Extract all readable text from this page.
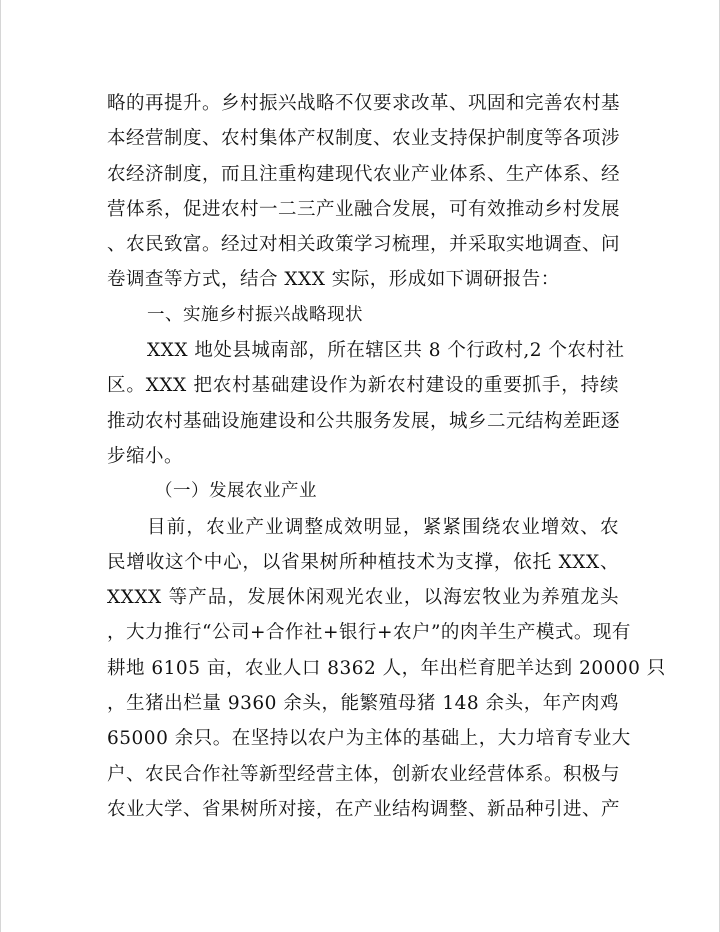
略的再提升。乡村振兴战略不仅要求改革、巩固和完善农村基
本经营制度、农村集体产权制度、农业支持保护制度等各项涉
农经济制度，而且注重构建现代农业产业体系、生产体系、经
营体系，促进农村一二三产业融合发展，可有效推动乡村发展
、农民致富。经过对相关政策学习梳理，并采取实地调查、问
卷调查等方式，结合 XXX 实际，形成如下调研报告：
一、实施乡村振兴战略现状
XXX 地处县城南部，所在辖区共 8 个行政村,2 个农村社
区。XXX 把农村基础建设作为新农村建设的重要抓手，持续
推动农村基础设施建设和公共服务发展，城乡二元结构差距逐
步缩小。
（一）发展农业产业
目前，农业产业调整成效明显，紧紧围绕农业增效、农
民增收这个中心，以省果树所种植技术为支撑，依托 XXX、
XXXX 等产品，发展休闲观光农业，以海宏牧业为养殖龙头
，大力推行“公司+合作社+银行+农户”的肉羊生产模式。现有
耕地 6105 亩，农业人口 8362 人，年出栏育肥羊达到 20000 只
，生猪出栏量 9360 余头，能繁殖母猪 148 余头，年产肉鸡
65000 余只。在坚持以农户为主体的基础上，大力培育专业大
户、农民合作社等新型经营主体，创新农业经营体系。积极与
农业大学、省果树所对接，在产业结构调整、新品种引进、产
